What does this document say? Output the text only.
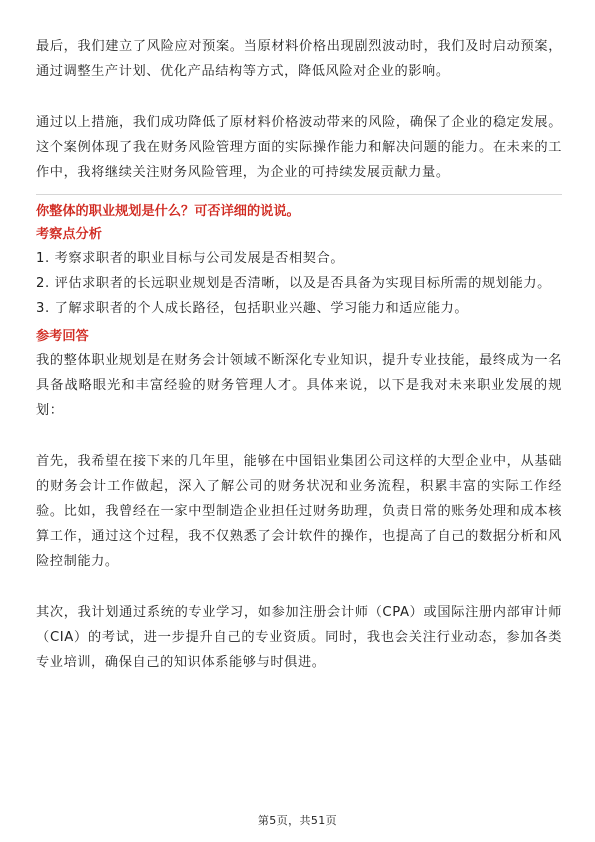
最后，我们建立了风险应对预案。当原材料价格出现剧烈波动时，我们及时启动预案，通过调整生产计划、优化产品结构等方式，降低风险对企业的影响。

通过以上措施，我们成功降低了原材料价格波动带来的风险，确保了企业的稳定发展。这个案例体现了我在财务风险管理方面的实际操作能力和解决问题的能力。在未来的工作中，我将继续关注财务风险管理，为企业的可持续发展贡献力量。

你整体的职业规划是什么？可否详细的说说。
考察点分析
1. 考察求职者的职业目标与公司发展是否相契合。
2. 评估求职者的长远职业规划是否清晰，以及是否具备为实现目标所需的规划能力。
3. 了解求职者的个人成长路径，包括职业兴趣、学习能力和适应能力。
参考回答

我的整体职业规划是在财务会计领域不断深化专业知识，提升专业技能，最终成为一名具备战略眼光和丰富经验的财务管理人才。具体来说，以下是我对未来职业发展的规划：

首先，我希望在接下来的几年里，能够在中国铝业集团公司这样的大型企业中，从基础的财务会计工作做起，深入了解公司的财务状况和业务流程，积累丰富的实际工作经验。比如，我曾经在一家中型制造企业担任过财务助理，负责日常的账务处理和成本核算工作，通过这个过程，我不仅熟悉了会计软件的操作，也提高了自己的数据分析和风险控制能力。

其次，我计划通过系统的专业学习，如参加注册会计师（CPA）或国际注册内部审计师（CIA）的考试，进一步提升自己的专业资质。同时，我也会关注行业动态，参加各类专业培训，确保自己的知识体系能够与时俱进。

第5页，共51页
